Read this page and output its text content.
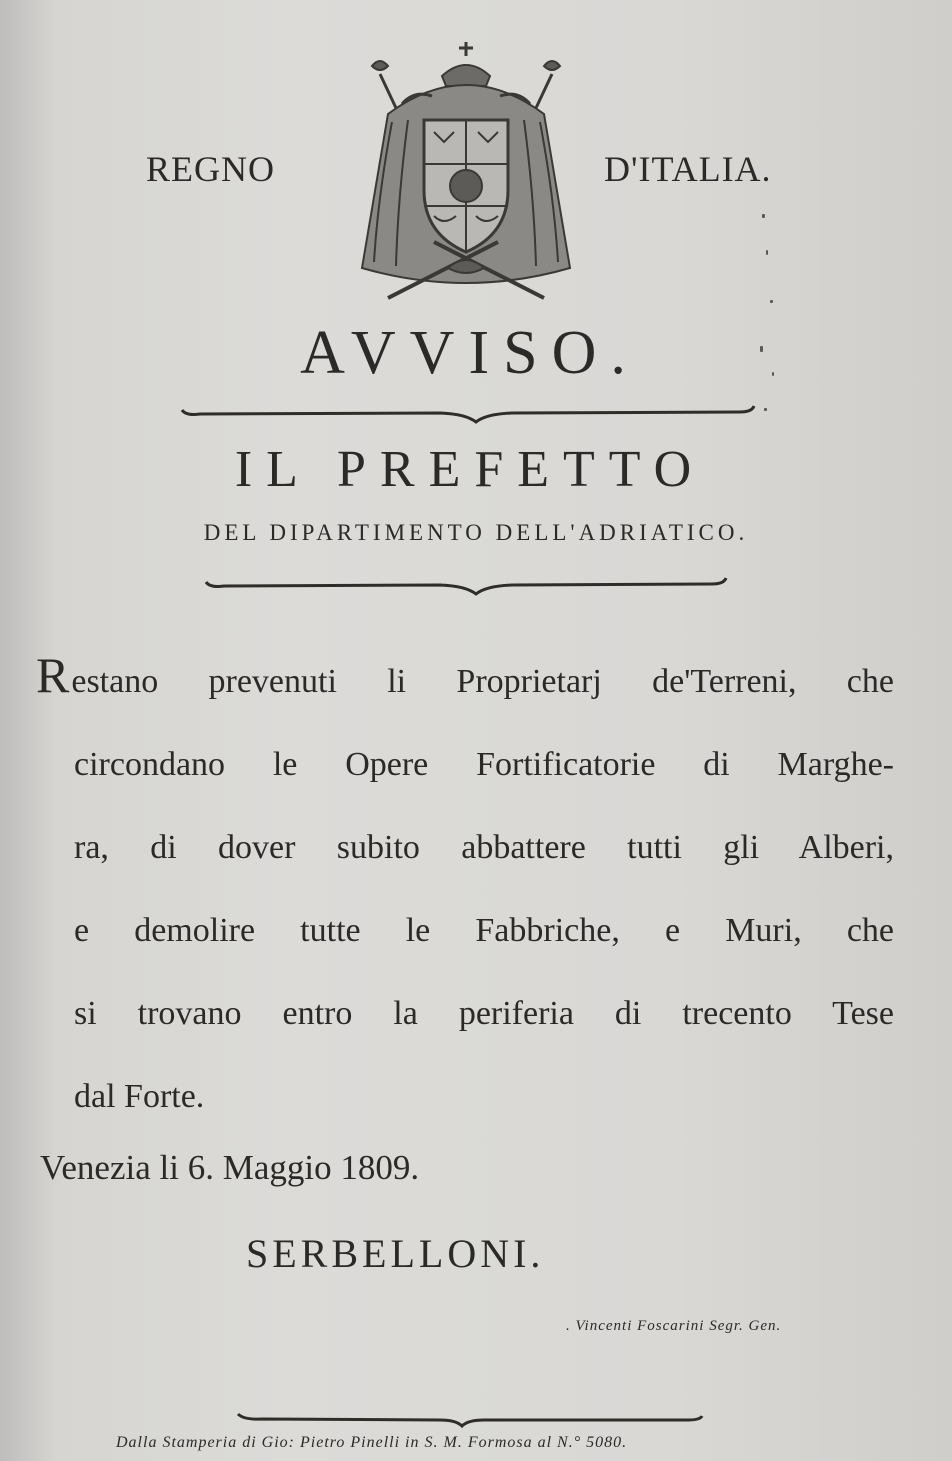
REGNO	D'ITALIA.
AVVISO.
IL PREFETTO
DEL DIPARTIMENTO DELL'ADRIATICO.
Restano prevenuti li Proprietarj de'Terreni, che
circondano le Opere Fortificatorie di Marghe-
ra, di dover subito abbattere tutti gli Alberi,
e demolire tutte le Fabbriche, e Muri, che
si trovano entro la periferia di trecento Tese
dal Forte.
Venezia li 6. Maggio 1809.
SERBELLONI.
. Vincenti Foscarini Segr. Gen.
Dalla Stamperia di Gio: Pietro Pinelli in S. M. Formosa al N.° 5080.
